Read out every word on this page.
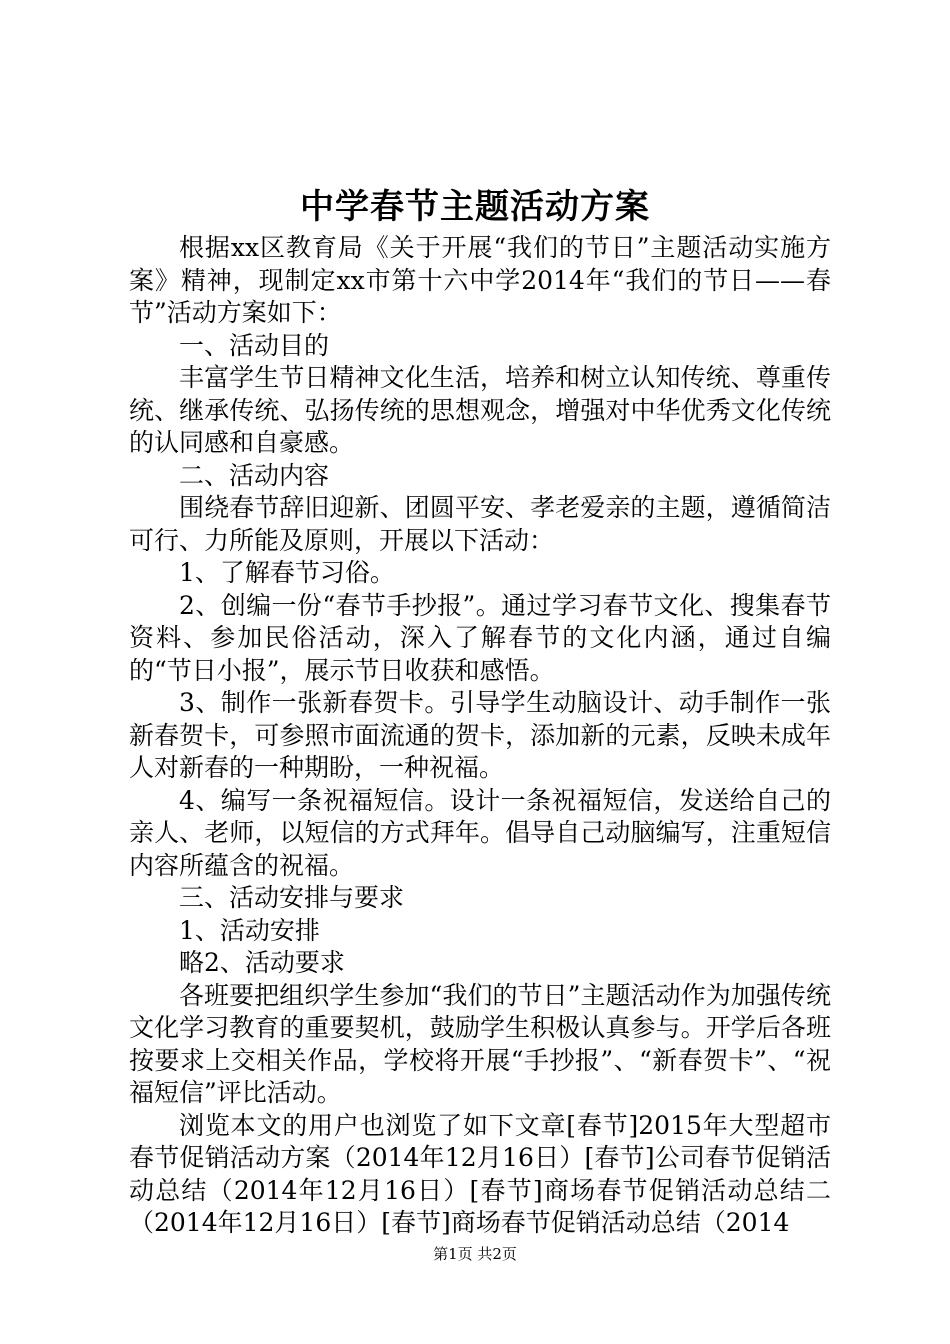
中学春节主题活动方案

根据xx区教育局《关于开展“我们的节日”主题活动实施方案》精神，现制定xx市第十六中学2014年“我们的节日——春节”活动方案如下：

一、活动目的

丰富学生节日精神文化生活，培养和树立认知传统、尊重传统、继承传统、弘扬传统的思想观念，增强对中华优秀文化传统的认同感和自豪感。

二、活动内容

围绕春节辞旧迎新、团圆平安、孝老爱亲的主题，遵循简洁可行、力所能及原则，开展以下活动：

1、了解春节习俗。

2、创编一份“春节手抄报”。通过学习春节文化、搜集春节资料、参加民俗活动，深入了解春节的文化内涵，通过自编的“节日小报”，展示节日收获和感悟。

3、制作一张新春贺卡。引导学生动脑设计、动手制作一张新春贺卡，可参照市面流通的贺卡，添加新的元素，反映未成年人对新春的一种期盼，一种祝福。

4、编写一条祝福短信。设计一条祝福短信，发送给自己的亲人、老师，以短信的方式拜年。倡导自己动脑编写，注重短信内容所蕴含的祝福。

三、活动安排与要求

1、活动安排

略2、活动要求

各班要把组织学生参加“我们的节日”主题活动作为加强传统文化学习教育的重要契机，鼓励学生积极认真参与。开学后各班按要求上交相关作品，学校将开展“手抄报”、“新春贺卡”、“祝福短信”评比活动。

浏览本文的用户也浏览了如下文章[春节]2015年大型超市春节促销活动方案（2014年12月16日）[春节]公司春节促销活动总结（2014年12月16日）[春节]商场春节促销活动总结二（2014年12月16日）[春节]商场春节促销活动总结（2014

第1页 共2页
